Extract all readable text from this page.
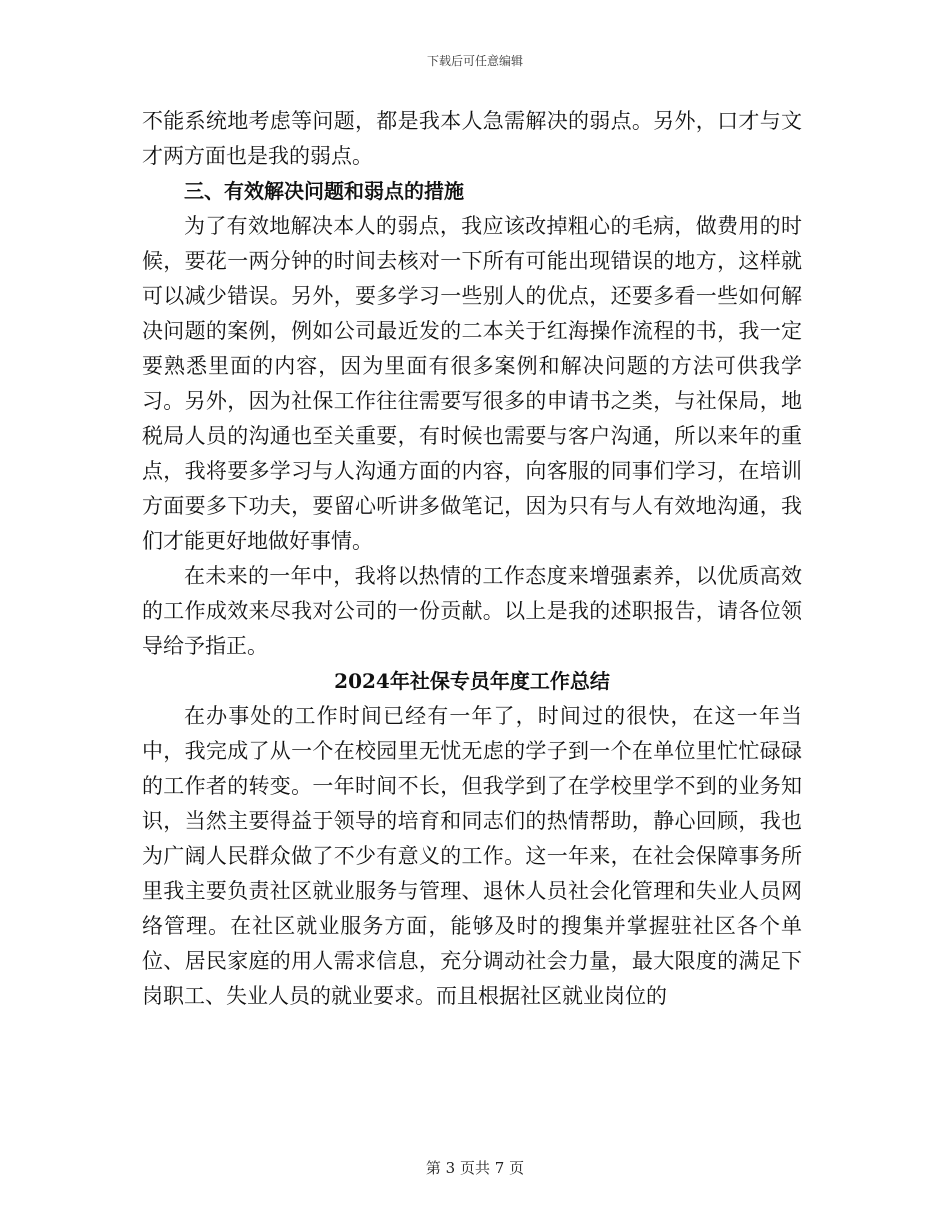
下载后可任意编辑

不能系统地考虑等问题，都是我本人急需解决的弱点。另外，口才与文才两方面也是我的弱点。

三、有效解决问题和弱点的措施

为了有效地解决本人的弱点，我应该改掉粗心的毛病，做费用的时候，要花一两分钟的时间去核对一下所有可能出现错误的地方，这样就可以减少错误。另外，要多学习一些别人的优点，还要多看一些如何解决问题的案例，例如公司最近发的二本关于红海操作流程的书，我一定要熟悉里面的内容，因为里面有很多案例和解决问题的方法可供我学习。另外，因为社保工作往往需要写很多的申请书之类，与社保局，地税局人员的沟通也至关重要，有时候也需要与客户沟通，所以来年的重点，我将要多学习与人沟通方面的内容，向客服的同事们学习，在培训方面要多下功夫，要留心听讲多做笔记，因为只有与人有效地沟通，我们才能更好地做好事情。

在未来的一年中，我将以热情的工作态度来增强素养，以优质高效的工作成效来尽我对公司的一份贡献。以上是我的述职报告，请各位领导给予指正。

2024年社保专员年度工作总结

在办事处的工作时间已经有一年了，时间过的很快，在这一年当中，我完成了从一个在校园里无忧无虑的学子到一个在单位里忙忙碌碌的工作者的转变。一年时间不长，但我学到了在学校里学不到的业务知识，当然主要得益于领导的培育和同志们的热情帮助，静心回顾，我也为广阔人民群众做了不少有意义的工作。这一年来，在社会保障事务所里我主要负责社区就业服务与管理、退休人员社会化管理和失业人员网络管理。在社区就业服务方面，能够及时的搜集并掌握驻社区各个单位、居民家庭的用人需求信息，充分调动社会力量，最大限度的满足下岗职工、失业人员的就业要求。而且根据社区就业岗位的

第 3 页共 7 页
